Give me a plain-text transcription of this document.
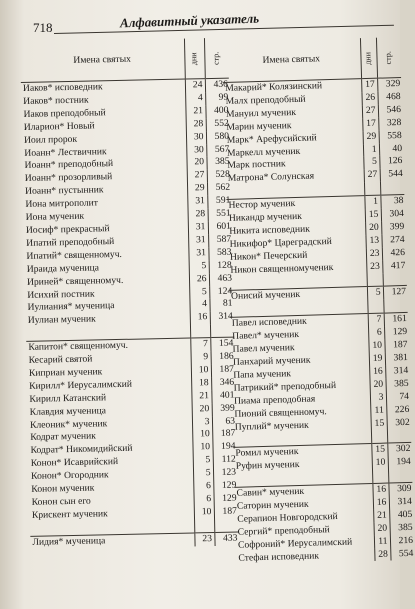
718	Алфавитный указатель
Имена святых	дни	стр.
Иаков* исповедник	24	436
Иаков* постник	4	99
Иаков преподобный	21	400
Иларион* Новый	28	552
Иоил пророк	30	580
Иоанн* Лествичник	30	567
Иоанн* преподобный	20	385
Иоанн* прозорливый	27	528
Иоанн* пустынник	29	562
Иона митрополит	31	591
Иона мученик	28	551
Иосиф* прекрасный	31	601
Ипатий преподобный	31	587
Ипатий* священномуч.	31	583
Ираида мученица	5	128
Ириней* священномуч.	26	463
Исихий постник	5	124
Иулиания* мученица	4	81
Иулиан мученик	16	314

Капитон* священномуч.	7	154
Кесарий святой	9	186
Киприан мученик	10	187
Кирилл* Иерусалимский	18	346
Кирилл Катанский	21	401
Клавдия мученица	20	399
Клеоник* мученик	3	63
Кодрат мученик	10	187
Кодрат* Никомидийский	10	194
Конон* Исаврийский	5	112
Конон* Огородник	5	123
Конон мученик	6	129
Конон сын его	6	129
Крискент мученик	10	187

Лидия* мученица	23	433
Имена святых	дни	стр.
Макарий* Колязинский	17	329
Малх преподобный	26	468
Мануил мученик	27	546
Марин мученик	17	328
Марк* Арефусийский	29	558
Маркелл мученик	1	40
Марк постник	5	126
Матрона* Солунская	27	544

Нестор мученик	1	38
Никандр мученик	15	304
Никита исповедник	20	399
Никифор* Цареградский	13	274
Никон* Печерский	23	426
Никон священномученик	23	417

Онисий мученик	5	127

Павел исповедник	7	161
Павел* мученик	6	129
Павел мученик	10	187
Панхарий мученик	19	381
Папа мученик	16	314
Патрикий* преподобный	20	385
Пиама преподобная	3	74
Пионий священномуч.	11	226
Пуплий* мученик	15	302

Ромил мученик	15	302
Руфин мученик	10	194

Савин* мученик	16	309
Саторин мученик	16	314
Серапион Новгородский	21	405
Сергий* преподобный	20	385
Софроний* Иерусалимский	11	216
Стефан исповедник	28	554
